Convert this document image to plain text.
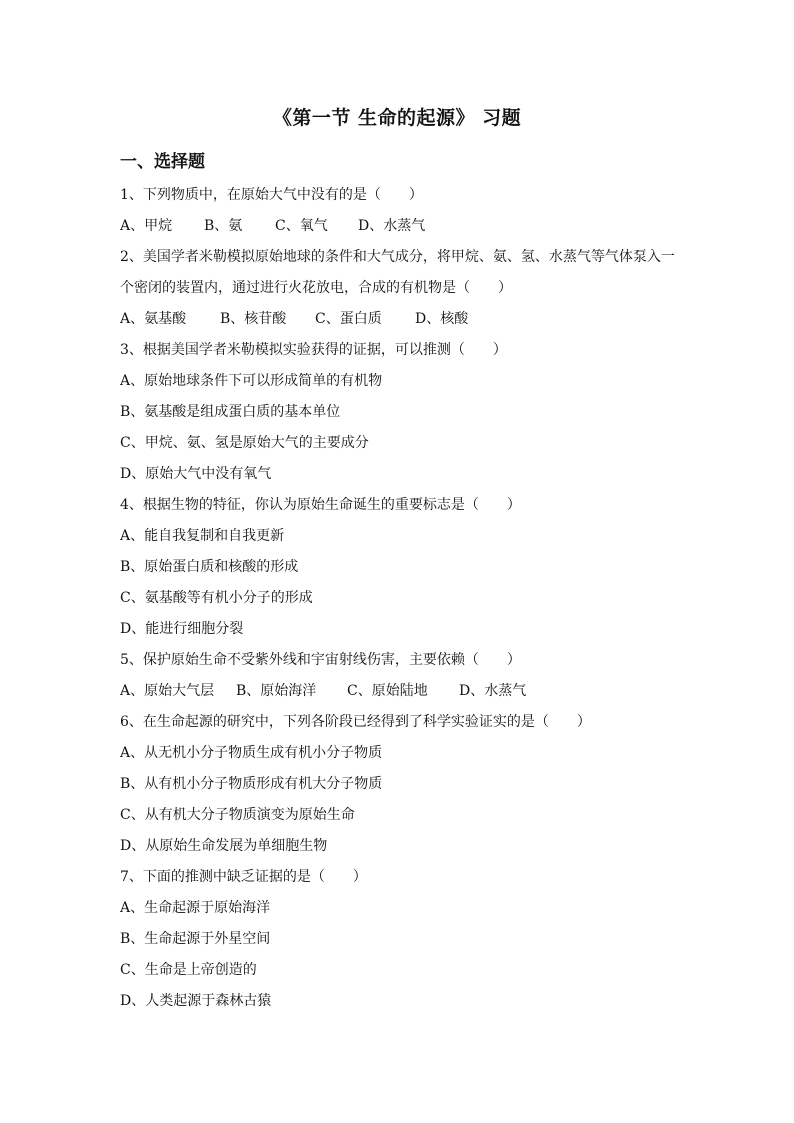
《第一节 生命的起源》 习题
一、选择题
1、下列物质中，在原始大气中没有的是（　　）
A、甲烷 B、氨 C、氧气 D、水蒸气
2、美国学者米勒模拟原始地球的条件和大气成分，将甲烷、氨、氢、水蒸气等气体泵入一
个密闭的装置内，通过进行火花放电，合成的有机物是（　　）
A、氨基酸 B、核苷酸 C、蛋白质 D、核酸
3、根据美国学者米勒模拟实验获得的证据，可以推测（　　）
A、原始地球条件下可以形成简单的有机物
B、氨基酸是组成蛋白质的基本单位
C、甲烷、氨、氢是原始大气的主要成分
D、原始大气中没有氧气
4、根据生物的特征，你认为原始生命诞生的重要标志是（　　）
A、能自我复制和自我更新
B、原始蛋白质和核酸的形成
C、氨基酸等有机小分子的形成
D、能进行细胞分裂
5、保护原始生命不受紫外线和宇宙射线伤害，主要依赖（　　）
A、原始大气层 B、原始海洋 C、原始陆地 D、水蒸气
6、在生命起源的研究中，下列各阶段已经得到了科学实验证实的是（　　）
A、从无机小分子物质生成有机小分子物质
B、从有机小分子物质形成有机大分子物质
C、从有机大分子物质演变为原始生命
D、从原始生命发展为单细胞生物
7、下面的推测中缺乏证据的是（　　）
A、生命起源于原始海洋
B、生命起源于外星空间
C、生命是上帝创造的
D、人类起源于森林古猿
